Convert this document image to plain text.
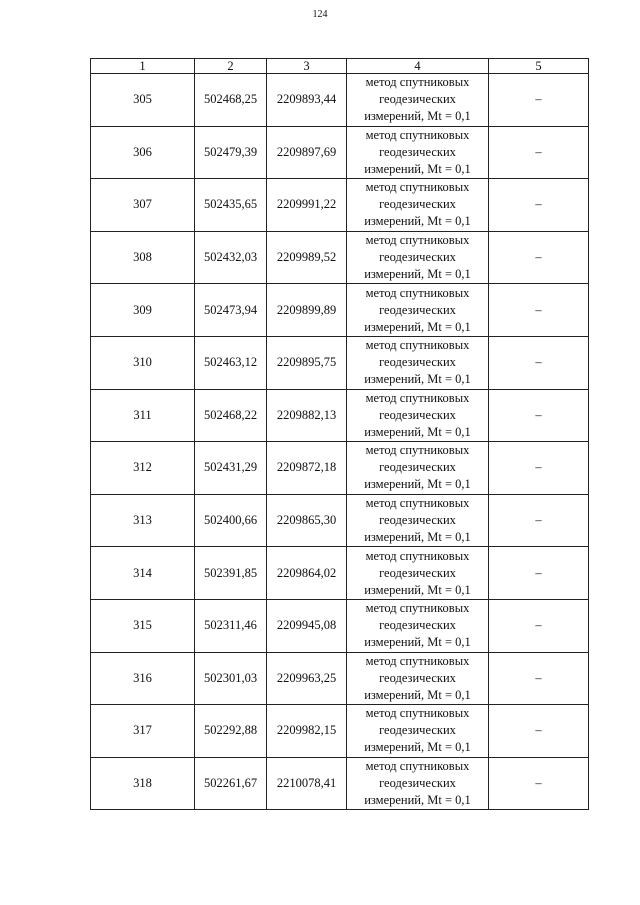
124
1	2	3	4	5
305	502468,25	2209893,44	метод спутниковых
геодезических
измерений, Mt = 0,1	–
306	502479,39	2209897,69	метод спутниковых
геодезических
измерений, Mt = 0,1	–
307	502435,65	2209991,22	метод спутниковых
геодезических
измерений, Mt = 0,1	–
308	502432,03	2209989,52	метод спутниковых
геодезических
измерений, Mt = 0,1	–
309	502473,94	2209899,89	метод спутниковых
геодезических
измерений, Mt = 0,1	–
310	502463,12	2209895,75	метод спутниковых
геодезических
измерений, Mt = 0,1	–
311	502468,22	2209882,13	метод спутниковых
геодезических
измерений, Mt = 0,1	–
312	502431,29	2209872,18	метод спутниковых
геодезических
измерений, Mt = 0,1	–
313	502400,66	2209865,30	метод спутниковых
геодезических
измерений, Mt = 0,1	–
314	502391,85	2209864,02	метод спутниковых
геодезических
измерений, Mt = 0,1	–
315	502311,46	2209945,08	метод спутниковых
геодезических
измерений, Mt = 0,1	–
316	502301,03	2209963,25	метод спутниковых
геодезических
измерений, Mt = 0,1	–
317	502292,88	2209982,15	метод спутниковых
геодезических
измерений, Mt = 0,1	–
318	502261,67	2210078,41	метод спутниковых
геодезических
измерений, Mt = 0,1	–
